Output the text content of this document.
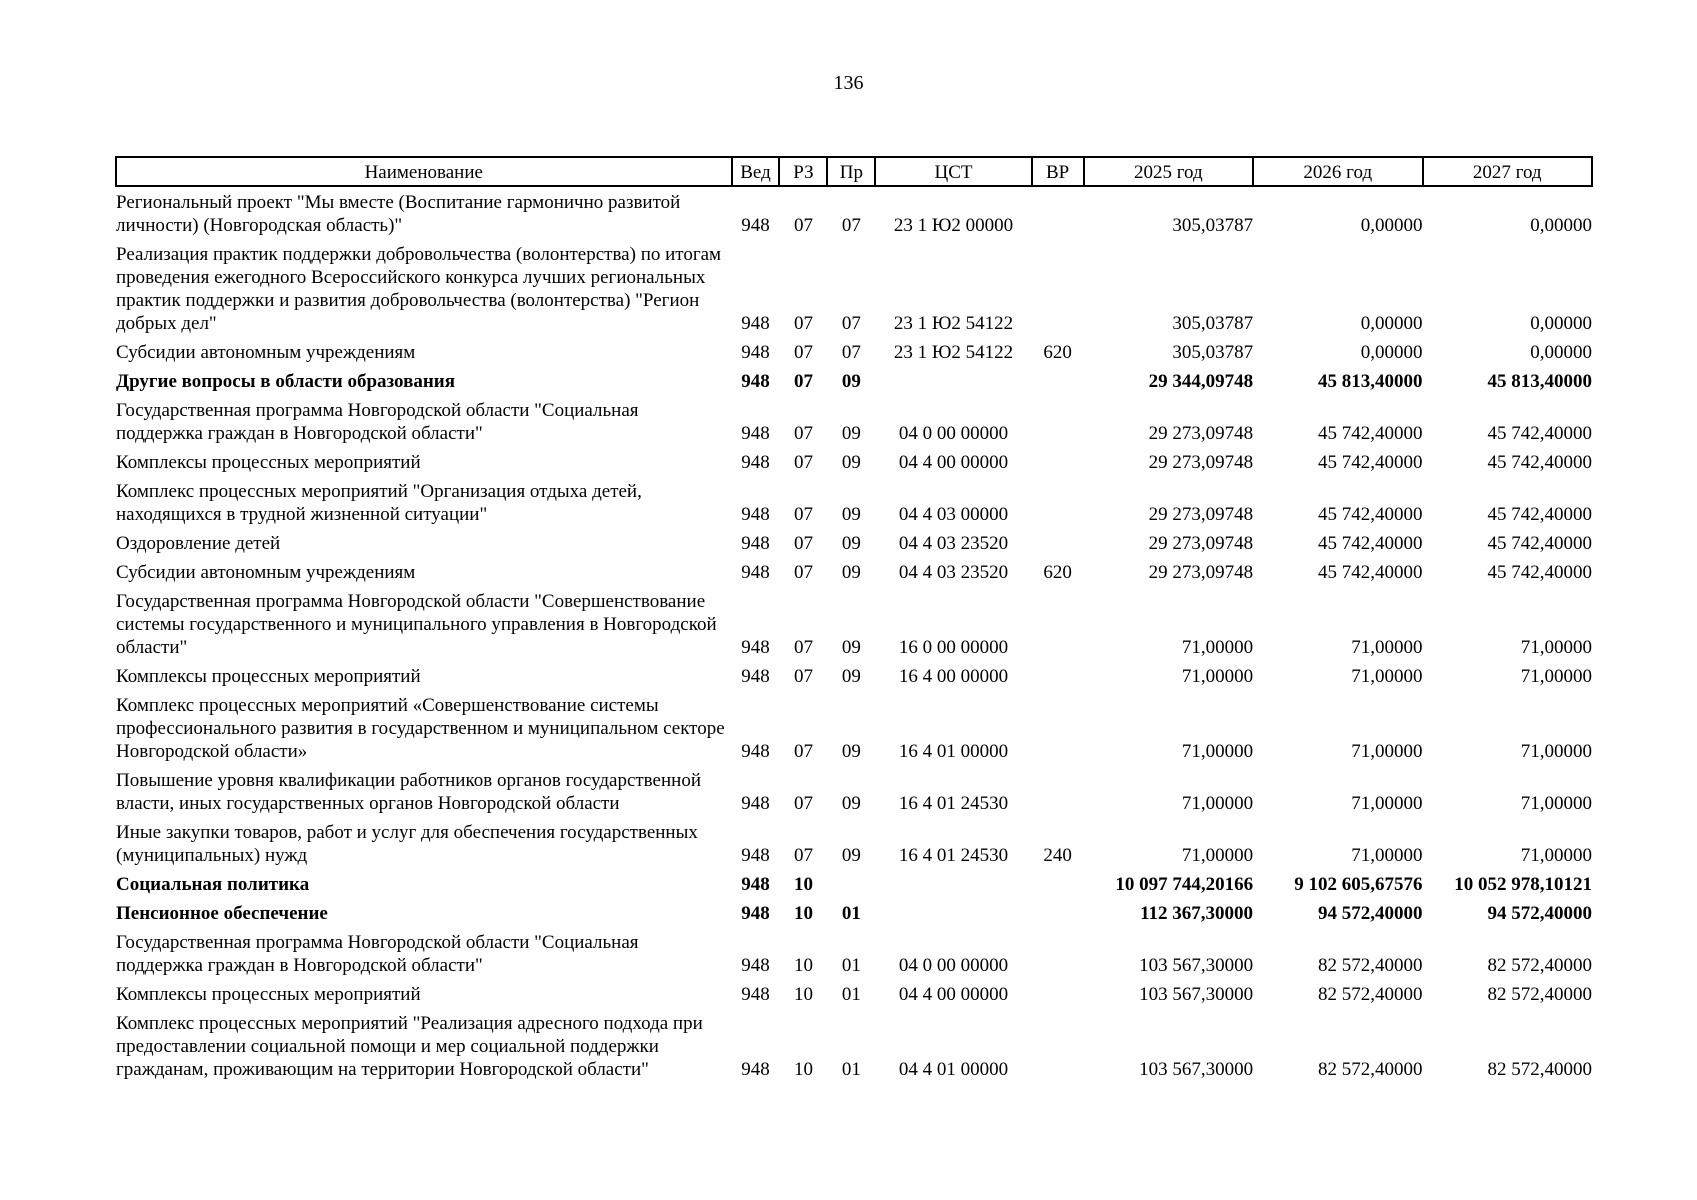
136
Наименование	Вед	РЗ	Пр	ЦСТ	ВР	2025 год	2026 год	2027 год
Региональный проект "Мы вместе (Воспитание гармонично развитой личности) (Новгородская область)"	948	07	07	23 1 Ю2 00000		305,03787	0,00000	0,00000
Реализация практик поддержки добровольчества (волонтерства) по итогам проведения ежегодного Всероссийского конкурса лучших региональных практик поддержки и развития добровольчества (волонтерства) "Регион добрых дел"	948	07	07	23 1 Ю2 54122		305,03787	0,00000	0,00000
Субсидии автономным учреждениям	948	07	07	23 1 Ю2 54122	620	305,03787	0,00000	0,00000
Другие вопросы в области образования	948	07	09			29 344,09748	45 813,40000	45 813,40000
Государственная программа Новгородской области "Социальная поддержка граждан в Новгородской области"	948	07	09	04 0 00 00000		29 273,09748	45 742,40000	45 742,40000
Комплексы процессных мероприятий	948	07	09	04 4 00 00000		29 273,09748	45 742,40000	45 742,40000
Комплекс процессных мероприятий "Организация отдыха детей, находящихся в трудной жизненной ситуации"	948	07	09	04 4 03 00000		29 273,09748	45 742,40000	45 742,40000
Оздоровление детей	948	07	09	04 4 03 23520		29 273,09748	45 742,40000	45 742,40000
Субсидии автономным учреждениям	948	07	09	04 4 03 23520	620	29 273,09748	45 742,40000	45 742,40000
Государственная программа Новгородской области "Совершенствование системы государственного и муниципального управления в Новгородской области"	948	07	09	16 0 00 00000		71,00000	71,00000	71,00000
Комплексы процессных мероприятий	948	07	09	16 4 00 00000		71,00000	71,00000	71,00000
Комплекс процессных мероприятий «Совершенствование системы профессионального развития в государственном и муниципальном секторе Новгородской области»	948	07	09	16 4 01 00000		71,00000	71,00000	71,00000
Повышение уровня квалификации работников органов государственной власти, иных государственных органов Новгородской области	948	07	09	16 4 01 24530		71,00000	71,00000	71,00000
Иные закупки товаров, работ и услуг для обеспечения государственных (муниципальных) нужд	948	07	09	16 4 01 24530	240	71,00000	71,00000	71,00000
Социальная политика	948	10				10 097 744,20166	9 102 605,67576	10 052 978,10121
Пенсионное обеспечение	948	10	01			112 367,30000	94 572,40000	94 572,40000
Государственная программа Новгородской области "Социальная поддержка граждан в Новгородской области"	948	10	01	04 0 00 00000		103 567,30000	82 572,40000	82 572,40000
Комплексы процессных мероприятий	948	10	01	04 4 00 00000		103 567,30000	82 572,40000	82 572,40000
Комплекс процессных мероприятий "Реализация адресного подхода при предоставлении социальной помощи и мер социальной поддержки гражданам, проживающим на территории Новгородской области"	948	10	01	04 4 01 00000		103 567,30000	82 572,40000	82 572,40000
